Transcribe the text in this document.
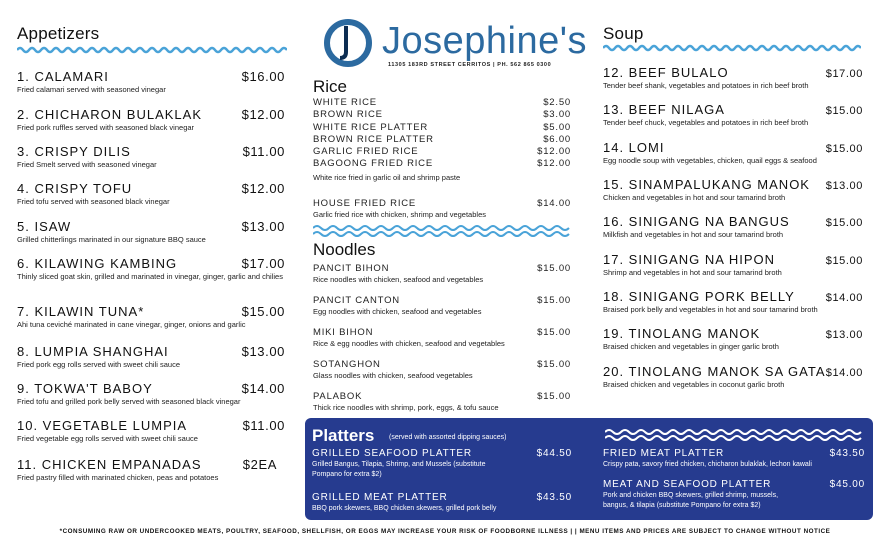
Appetizers
1. CALAMARI	$16.00
Fried calamari served with seasoned vinegar
2. CHICHARON BULAKLAK	$12.00
Fried pork ruffles served with seasoned black vinegar
3. CRISPY DILIS	$11.00
Fried Smelt served with seasoned vinegar
4. CRISPY TOFU	$12.00
Fried tofu served with seasoned black vinegar
5. ISAW	$13.00
Grilled chitterlings marinated in our signature BBQ sauce
6. KILAWING KAMBING	$17.00
Thinly sliced goat skin, grilled and marinated in vinegar, ginger, garlic and chilies
7. KILAWIN TUNA*	$15.00
Ahi tuna ceviché marinated in cane vinegar, ginger, onions and garlic
8. LUMPIA SHANGHAI	$13.00
Fried pork egg rolls served with sweet chili sauce
9. TOKWA'T BABOY	$14.00
Fried tofu and grilled pork belly served with seasoned black vinegar
10. VEGETABLE LUMPIA	$11.00
Fried vegetable egg rolls served with sweet chili sauce
11. CHICKEN EMPANADAS	$2EA
Fried pastry filled with marinated chicken, peas and potatoes
Josephine's
11305 183RD STREET CERRITOS | PH. 562 865 0300
Rice
WHITE RICE	$2.50
BROWN RICE	$3.00
WHITE RICE PLATTER	$5.00
BROWN RICE PLATTER	$6.00
GARLIC FRIED RICE	$12.00
BAGOONG FRIED RICE	$12.00
White rice fried in garlic oil and shrimp paste
HOUSE FRIED RICE	$14.00
Garlic fried rice with chicken, shrimp and vegetables
Noodles
PANCIT BIHON	$15.00
Rice noodles with chicken, seafood and vegetables
PANCIT CANTON	$15.00
Egg noodles with chicken, seafood and vegetables
MIKI BIHON	$15.00
Rice & egg noodles with chicken, seafood and vegetables
SOTANGHON	$15.00
Glass noodles with chicken, seafood vegetables
PALABOK	$15.00
Thick rice noodles with shrimp, pork, eggs, & tofu sauce
Soup
12. BEEF BULALO	$17.00
Tender beef shank, vegetables and potatoes in rich beef broth
13. BEEF NILAGA	$15.00
Tender beef chuck, vegetables and potatoes in rich beef broth
14. LOMI	$15.00
Egg noodle soup with vegetables, chicken, quail eggs & seafood
15. SINAMPALUKANG MANOK $13.00
Chicken and vegetables in hot and sour tamarind broth
16. SINIGANG NA BANGUS	$15.00
Milkfish and vegetables in hot and sour tamarind broth
17. SINIGANG NA HIPON	$15.00
Shrimp and vegetables in hot and sour tamarind broth
18. SINIGANG PORK BELLY	$14.00
Braised pork belly and vegetables in hot and sour tamarind broth
19. TINOLANG MANOK	$13.00
Braised chicken and vegetables in ginger garlic broth
20. TINOLANG MANOK SA GATA $14.00
Braised chicken and vegetables in coconut garlic broth
Platters (served with assorted dipping sauces)
GRILLED SEAFOOD PLATTER	$44.50
Grilled Bangus, Tilapia, Shrimp, and Mussels (substitute Pompano for extra $2)
GRILLED MEAT PLATTER	$43.50
BBQ pork skewers, BBQ chicken skewers, grilled pork belly
FRIED MEAT PLATTER	$43.50
Crispy pata, savory fried chicken, chicharon bulaklak, lechon kawali
MEAT AND SEAFOOD PLATTER	$45.00
Pork and chicken BBQ skewers, grilled shrimp, mussels, bangus, & tilapia (substitute Pompano for extra $2)
*CONSUMING RAW OR UNDERCOOKED MEATS, POULTRY, SEAFOOD, SHELLFISH, OR EGGS MAY INCREASE YOUR RISK OF FOODBORNE ILLNESS | | MENU ITEMS AND PRICES ARE SUBJECT TO CHANGE WITHOUT NOTICE
